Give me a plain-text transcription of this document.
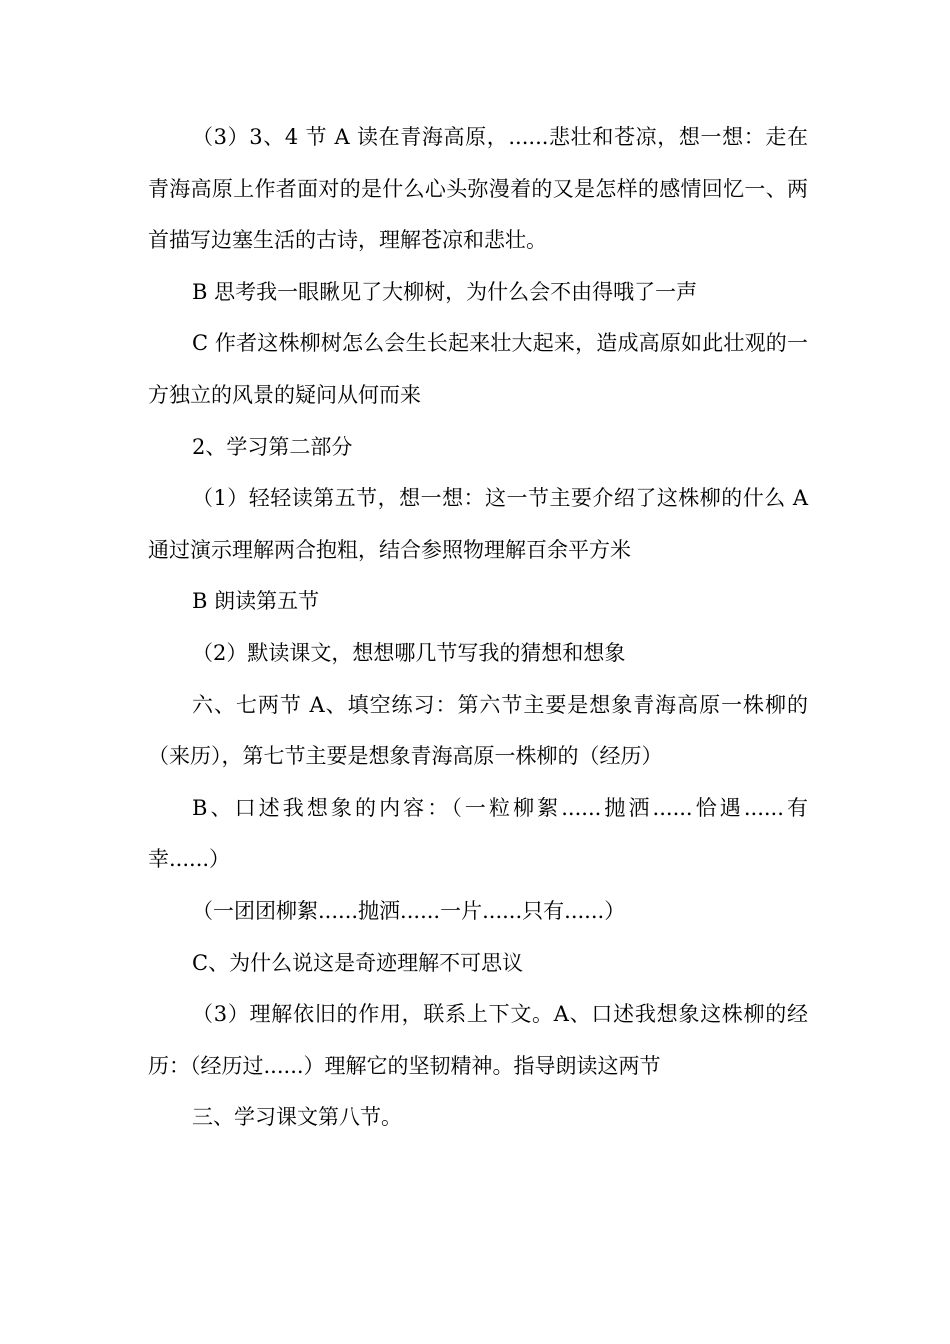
（3）3、4 节 A 读在青海高原，......悲壮和苍凉，想一想：走在青海高原上作者面对的是什么心头弥漫着的又是怎样的感情回忆一、两首描写边塞生活的古诗，理解苍凉和悲壮。

B 思考我一眼瞅见了大柳树，为什么会不由得哦了一声

C 作者这株柳树怎么会生长起来壮大起来，造成高原如此壮观的一方独立的风景的疑问从何而来

2、学习第二部分

（1）轻轻读第五节，想一想：这一节主要介绍了这株柳的什么 A 通过演示理解两合抱粗，结合参照物理解百余平方米

B 朗读第五节

（2）默读课文，想想哪几节写我的猜想和想象

六、七两节 A、填空练习：第六节主要是想象青海高原一株柳的（来历），第七节主要是想象青海高原一株柳的（经历）

B、口述我想象的内容：（一粒柳絮......抛洒......恰遇......有幸......）

（一团团柳絮......抛洒......一片......只有......）

C、为什么说这是奇迹理解不可思议

（3）理解依旧的作用，联系上下文。A、口述我想象这株柳的经历：（经历过......）理解它的坚韧精神。指导朗读这两节

三、学习课文第八节。
